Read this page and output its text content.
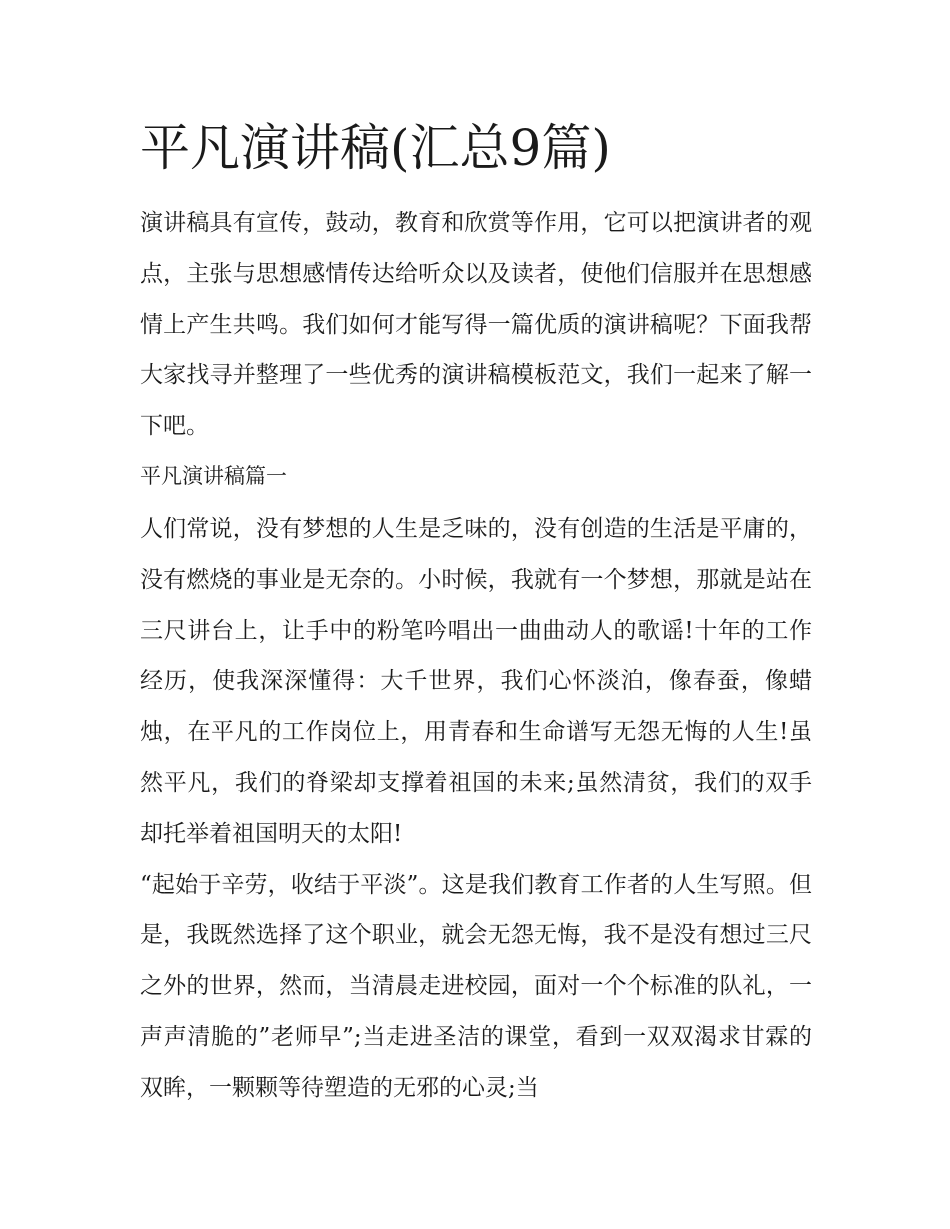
平凡演讲稿(汇总9篇)

演讲稿具有宣传，鼓动，教育和欣赏等作用，它可以把演讲者的观点，主张与思想感情传达给听众以及读者，使他们信服并在思想感情上产生共鸣。我们如何才能写得一篇优质的演讲稿呢？下面我帮大家找寻并整理了一些优秀的演讲稿模板范文，我们一起来了解一下吧。

平凡演讲稿篇一

人们常说，没有梦想的人生是乏味的，没有创造的生活是平庸的，没有燃烧的事业是无奈的。小时候，我就有一个梦想，那就是站在三尺讲台上，让手中的粉笔吟唱出一曲曲动人的歌谣!十年的工作经历，使我深深懂得：大千世界，我们心怀淡泊，像春蚕，像蜡烛，在平凡的工作岗位上，用青春和生命谱写无怨无悔的人生!虽然平凡，我们的脊梁却支撑着祖国的未来;虽然清贫，我们的双手却托举着祖国明天的太阳!

“起始于辛劳，收结于平淡”。这是我们教育工作者的人生写照。但是，我既然选择了这个职业，就会无怨无悔，我不是没有想过三尺之外的世界，然而，当清晨走进校园，面对一个个标准的队礼，一声声清脆的”老师早”;当走进圣洁的课堂，看到一双双渴求甘霖的双眸，一颗颗等待塑造的无邪的心灵;当
